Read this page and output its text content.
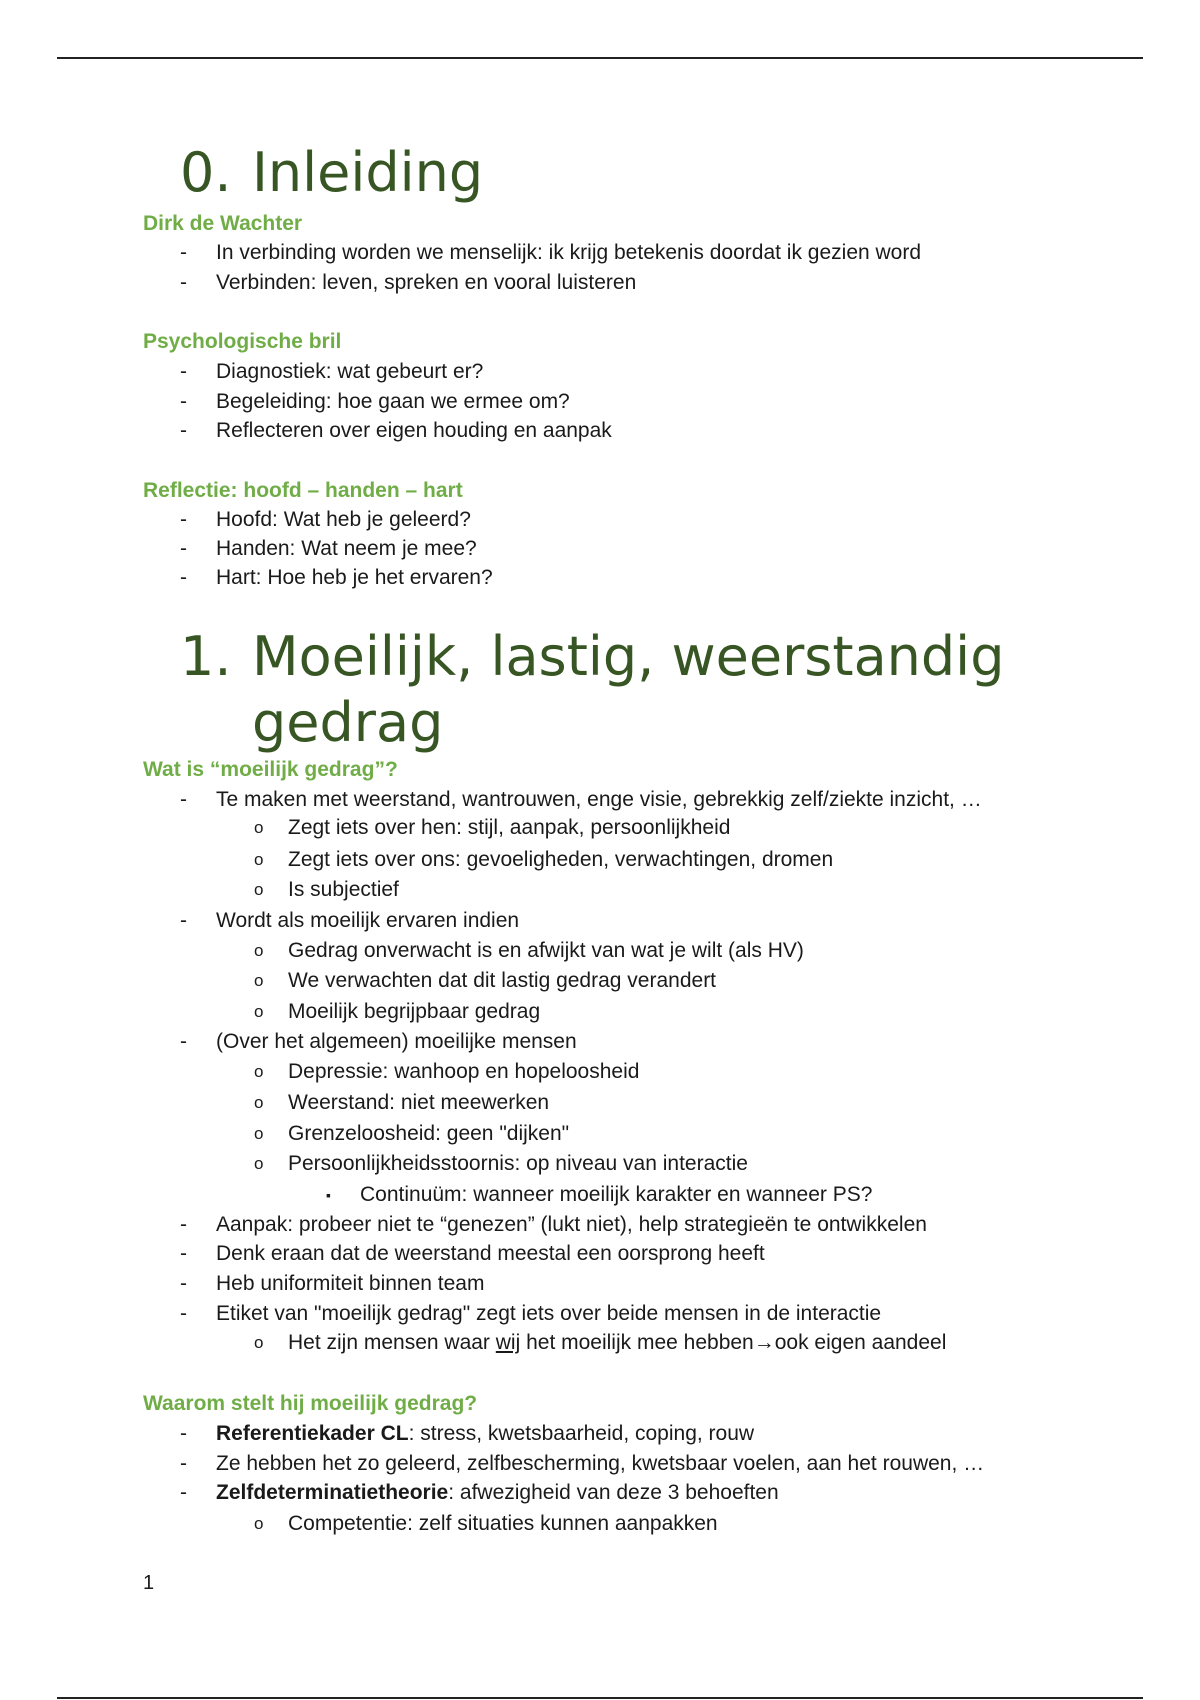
0. Inleiding
Dirk de Wachter
-	In verbinding worden we menselijk: ik krijg betekenis doordat ik gezien word
-	Verbinden: leven, spreken en vooral luisteren
Psychologische bril
-	Diagnostiek: wat gebeurt er?
-	Begeleiding: hoe gaan we ermee om?
-	Reflecteren over eigen houding en aanpak
Reflectie: hoofd – handen – hart
-	Hoofd: Wat heb je geleerd?
-	Handen: Wat neem je mee?
-	Hart: Hoe heb je het ervaren?
1. Moeilijk, lastig, weerstandig
gedrag
Wat is “moeilijk gedrag”?
-	Te maken met weerstand, wantrouwen, enge visie, gebrekkig zelf/ziekte inzicht, …
o	Zegt iets over hen: stijl, aanpak, persoonlijkheid
o	Zegt iets over ons: gevoeligheden, verwachtingen, dromen
o	Is subjectief
-	Wordt als moeilijk ervaren indien
o	Gedrag onverwacht is en afwijkt van wat je wilt (als HV)
o	We verwachten dat dit lastig gedrag verandert
o	Moeilijk begrijpbaar gedrag
-	(Over het algemeen) moeilijke mensen
o	Depressie: wanhoop en hopeloosheid
o	Weerstand: niet meewerken
o	Grenzeloosheid: geen "dijken"
o	Persoonlijkheidsstoornis: op niveau van interactie
▪	Continuüm: wanneer moeilijk karakter en wanneer PS?
-	Aanpak: probeer niet te “genezen” (lukt niet), help strategieën te ontwikkelen
-	Denk eraan dat de weerstand meestal een oorsprong heeft
-	Heb uniformiteit binnen team
-	Etiket van "moeilijk gedrag" zegt iets over beide mensen in de interactie
o	Het zijn mensen waar wij het moeilijk mee hebben→ook eigen aandeel
Waarom stelt hij moeilijk gedrag?
-	Referentiekader CL: stress, kwetsbaarheid, coping, rouw
-	Ze hebben het zo geleerd, zelfbescherming, kwetsbaar voelen, aan het rouwen, …
-	Zelfdeterminatietheorie: afwezigheid van deze 3 behoeften
o	Competentie: zelf situaties kunnen aanpakken
1
